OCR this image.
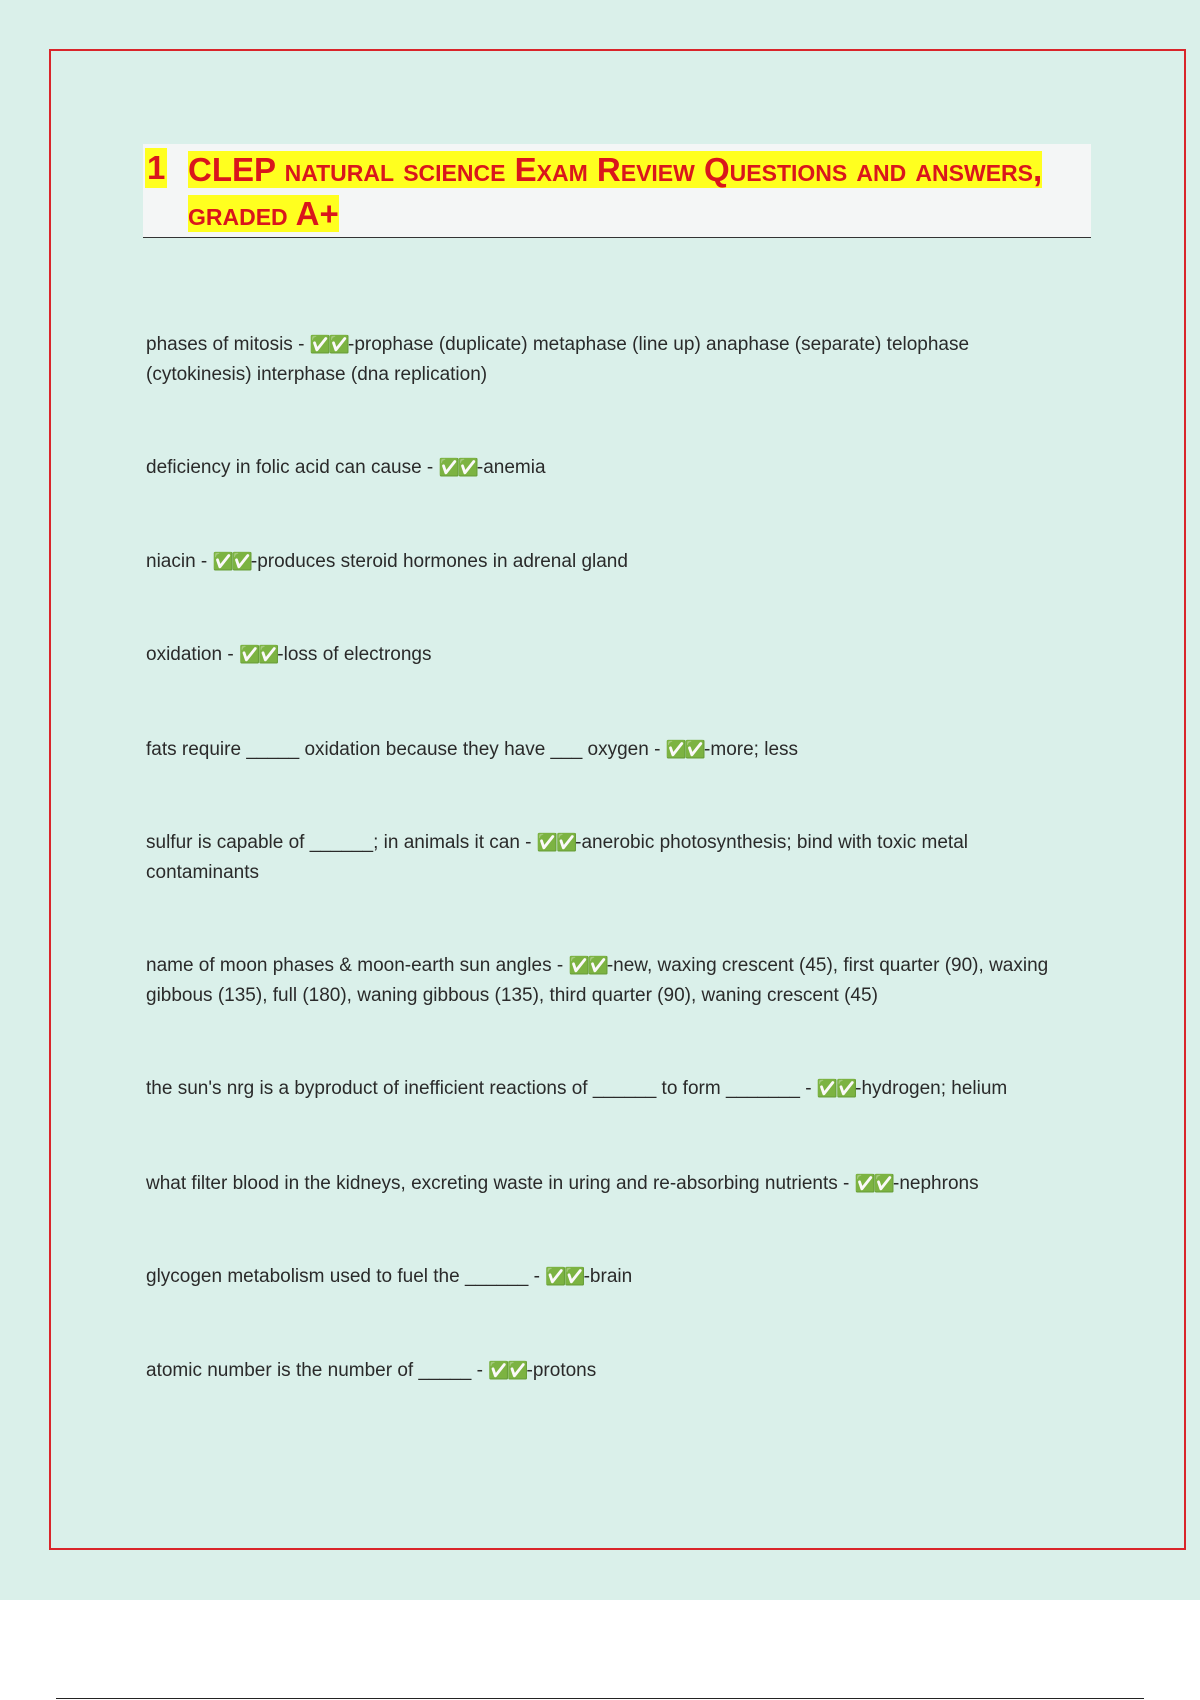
1 CLEP natural science Exam Review Questions and answers, graded A+
phases of mitosis - ✅✅-prophase (duplicate) metaphase (line up) anaphase (separate) telophase (cytokinesis) interphase (dna replication)
deficiency in folic acid can cause - ✅✅-anemia
niacin - ✅✅-produces steroid hormones in adrenal gland
oxidation - ✅✅-loss of electrongs
fats require _____ oxidation because they have ___ oxygen - ✅✅-more; less
sulfur is capable of ______; in animals it can - ✅✅-anerobic photosynthesis; bind with toxic metal contaminants
name of moon phases & moon-earth sun angles - ✅✅-new, waxing crescent (45), first quarter (90), waxing gibbous (135), full (180), waning gibbous (135), third quarter (90), waning crescent (45)
the sun's nrg is a byproduct of inefficient reactions of ______ to form _______ - ✅✅-hydrogen; helium
what filter blood in the kidneys, excreting waste in uring and re-absorbing nutrients - ✅✅-nephrons
glycogen metabolism used to fuel the ______ - ✅✅-brain
atomic number is the number of _____ - ✅✅-protons
